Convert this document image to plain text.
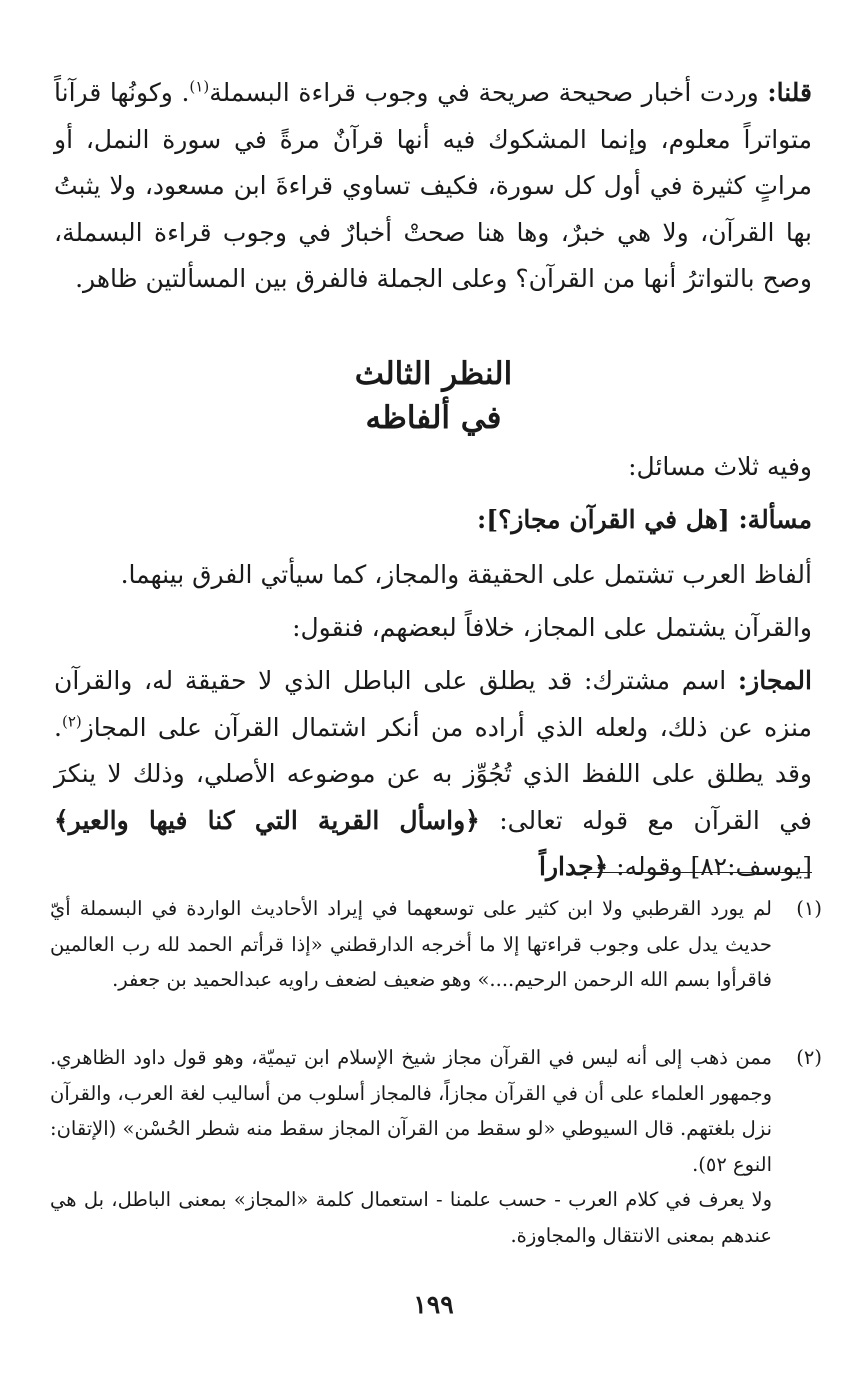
قلنا: وردت أخبار صحيحة صريحة في وجوب قراءة البسملة$^{(١)}$. وكونُها قرآناً متواتراً معلوم، وإنما المشكوك فيه أنها قرآنٌ مرةً في سورة النمل، أو مراتٍ كثيرة في أول كل سورة، فكيف تساوي قراءةَ ابن مسعود، ولا يثبتُ بها القرآن، ولا هي خبرٌ، وها هنا صحتْ أخبارٌ في وجوب قراءة البسملة، وصح بالتواترُ أنها من القرآن؟ وعلى الجملة فالفرق بين المسألتين ظاهر.

النظر الثالث
في ألفاظه

وفيه ثلاث مسائل:

مسألة: [هل في القرآن مجاز؟]:

ألفاظ العرب تشتمل على الحقيقة والمجاز، كما سيأتي الفرق بينهما.

والقرآن يشتمل على المجاز، خلافاً لبعضهم، فنقول:

المجاز: اسم مشترك: قد يطلق على الباطل الذي لا حقيقة له، والقرآن منزه عن ذلك، ولعله الذي أراده من أنكر اشتمال القرآن على المجاز$^{(٢)}$. وقد يطلق على اللفظ الذي تُجُوِّز به عن موضوعه الأصلي، وذلك لا ينكرَ في القرآن مع قوله تعالى: ﴿واسأل القرية التي كنا فيها والعير﴾ [يوسف:٨٢] وقوله: ﴿جداراً

(١)
لم يورد القرطبي ولا ابن كثير على توسعهما في إيراد الأحاديث الواردة في البسملة أيّ حديث يدل على وجوب قراءتها إلا ما أخرجه الدارقطني «إذا قرأتم الحمد لله رب العالمين فاقرأوا بسم الله الرحمن الرحيم....» وهو ضعيف لضعف راويه عبدالحميد بن جعفر.
(٢)
ممن ذهب إلى أنه ليس في القرآن مجاز شيخ الإسلام ابن تيميّة، وهو قول داود الظاهري. وجمهور العلماء على أن في القرآن مجازاً، فالمجاز أسلوب من أساليب لغة العرب، والقرآن نزل بلغتهم. قال السيوطي «لو سقط من القرآن المجاز سقط منه شطر الحُسْن» (الإتقان: النوع ٥٢).
ولا يعرف في كلام العرب - حسب علمنا - استعمال كلمة «المجاز» بمعنى الباطل، بل هي عندهم بمعنى الانتقال والمجاوزة.
١٩٩
